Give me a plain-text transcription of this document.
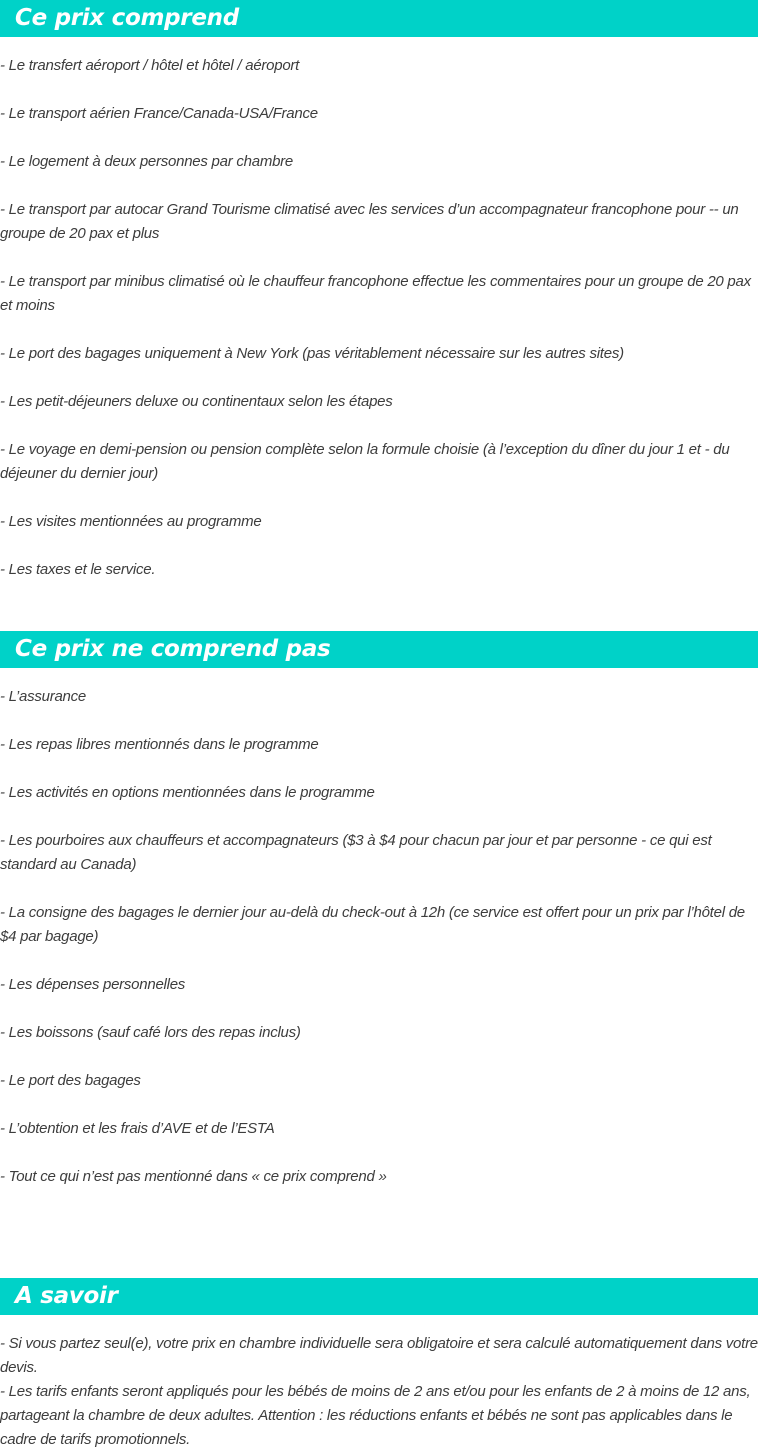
Ce prix comprend

- Le transfert aéroport / hôtel et hôtel / aéroport

- Le transport aérien France/Canada-USA/France

- Le logement à deux personnes par chambre

- Le transport par autocar Grand Tourisme climatisé avec les services d’un accompagnateur francophone pour -- un groupe de 20 pax et plus

- Le transport par minibus climatisé où le chauffeur francophone effectue les commentaires pour un groupe de 20 pax et moins

- Le port des bagages uniquement à New York (pas véritablement nécessaire sur les autres sites)

- Les petit-déjeuners deluxe ou continentaux selon les étapes

- Le voyage en demi-pension ou pension complète selon la formule choisie (à l’exception du dîner du jour 1 et - du déjeuner du dernier jour)

- Les visites mentionnées au programme

- Les taxes et le service.

Ce prix ne comprend pas

- L’assurance

- Les repas libres mentionnés dans le programme

- Les activités en options mentionnées dans le programme

- Les pourboires aux chauffeurs et accompagnateurs ($3 à $4 pour chacun par jour et par personne - ce qui est standard au Canada)

- La consigne des bagages le dernier jour au-delà du check-out à 12h (ce service est offert pour un prix par l’hôtel de $4 par bagage)

- Les dépenses personnelles

- Les boissons (sauf café lors des repas inclus)

- Le port des bagages

- L’obtention et les frais d’AVE et de l’ESTA

- Tout ce qui n’est pas mentionné dans « ce prix comprend »

A savoir

- Si vous partez seul(e), votre prix en chambre individuelle sera obligatoire et sera calculé automatiquement dans votre devis.

- Les tarifs enfants seront appliqués pour les bébés de moins de 2 ans et/ou pour les enfants de 2 à moins de 12 ans, partageant la chambre de deux adultes. Attention : les réductions enfants et bébés ne sont pas applicables dans le cadre de tarifs promotionnels.
